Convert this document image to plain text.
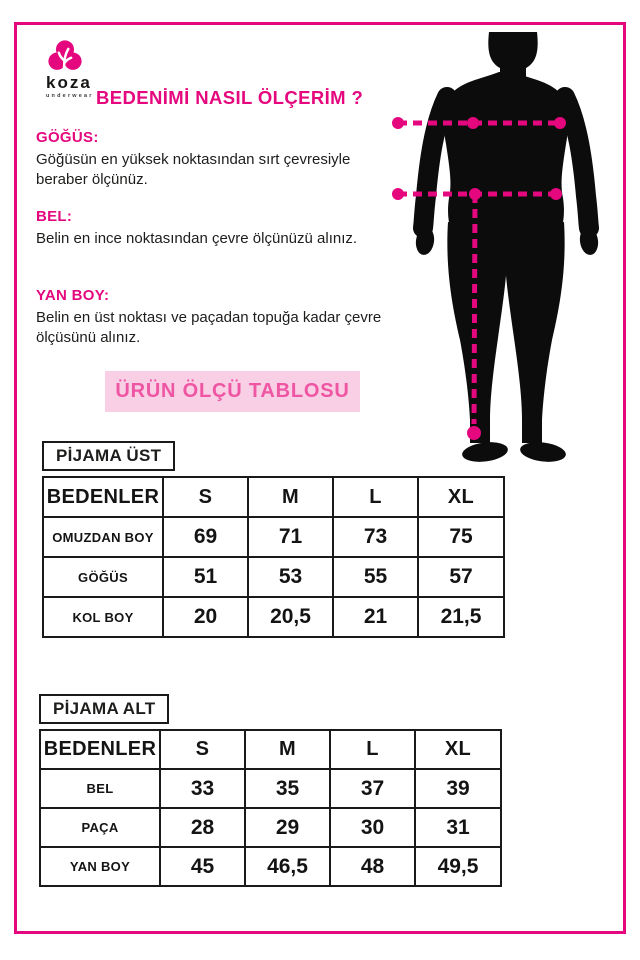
koza
underwear BEDENİMİ NASIL ÖLÇERİM ?

GÖĞÜS:

Göğüsün en yüksek noktasından sırt çevresiyle beraber ölçünüz.

BEL:

Belin en ince noktasından çevre ölçünüzü alınız.

YAN BOY:

Belin en üst noktası ve paçadan topuğa kadar çevre ölçüsünü alınız.

ÜRÜN ÖLÇÜ TABLOSU
PİJAMA ÜST
BEDENLER	S	M	L	XL
OMUZDAN BOY	69	71	73	75
GÖĞÜS	51	53	55	57
KOL BOY	20	20,5	21	21,5
PİJAMA ALT
BEDENLER	S	M	L	XL
BEL	33	35	37	39
PAÇA	28	29	30	31
YAN BOY	45	46,5	48	49,5
